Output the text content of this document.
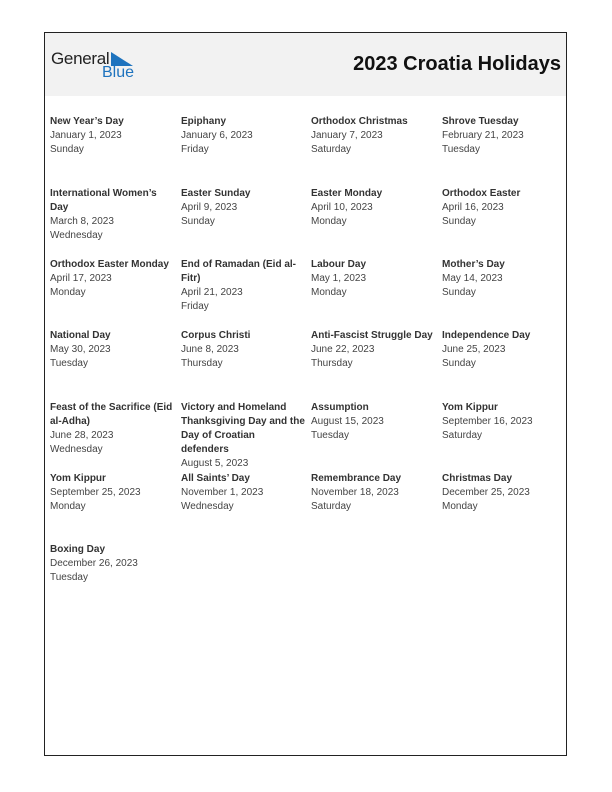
General
Blue	2023 Croatia Holidays
New Year’s Day
January 1, 2023
Sunday
Epiphany
January 6, 2023
Friday
Orthodox Christmas
January 7, 2023
Saturday
Shrove Tuesday
February 21, 2023
Tuesday
International Women’s Day
March 8, 2023
Wednesday
Easter Sunday
April 9, 2023
Sunday
Easter Monday
April 10, 2023
Monday
Orthodox Easter
April 16, 2023
Sunday
Orthodox Easter Monday
April 17, 2023
Monday
End of Ramadan (Eid al-Fitr)
April 21, 2023
Friday
Labour Day
May 1, 2023
Monday
Mother’s Day
May 14, 2023
Sunday
National Day
May 30, 2023
Tuesday
Corpus Christi
June 8, 2023
Thursday
Anti-Fascist Struggle Day
June 22, 2023
Thursday
Independence Day
June 25, 2023
Sunday
Feast of the Sacrifice (Eid al-Adha)
June 28, 2023
Wednesday
Victory and Homeland Thanksgiving Day and the Day of Croatian defenders
August 5, 2023
Assumption
August 15, 2023
Tuesday
Yom Kippur
September 16, 2023
Saturday
Yom Kippur
September 25, 2023
Monday
All Saints’ Day
November 1, 2023
Wednesday
Remembrance Day
November 18, 2023
Saturday
Christmas Day
December 25, 2023
Monday
Boxing Day
December 26, 2023
Tuesday
